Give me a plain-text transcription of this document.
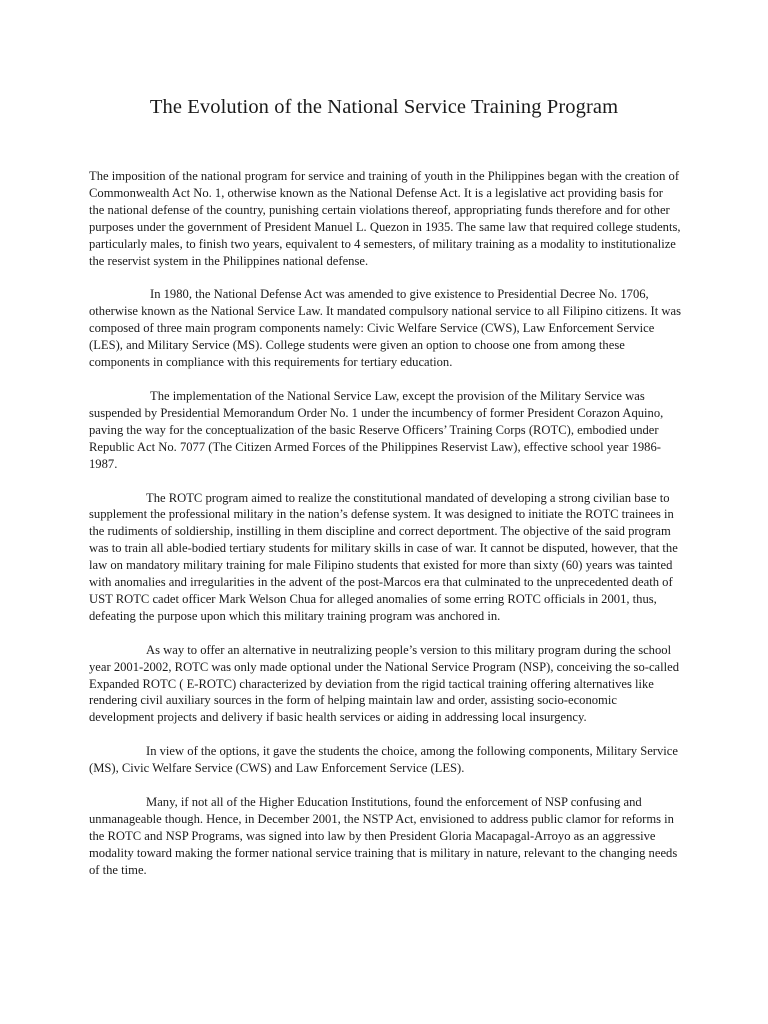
The Evolution of the National Service Training Program

The imposition of the national program for service and training of youth in the Philippines began with the creation of Commonwealth Act No. 1, otherwise known as the National Defense Act. It is a legislative act providing basis for the national defense of the country, punishing certain violations thereof, appropriating funds therefore and for other purposes under the government of President Manuel L. Quezon in 1935. The same law that required college students, particularly males, to finish two years, equivalent to 4 semesters, of military training as a modality to institutionalize the reservist system in the Philippines national defense.

In 1980, the National Defense Act was amended to give existence to Presidential Decree No. 1706, otherwise known as the National Service Law. It mandated compulsory national service to all Filipino citizens. It was composed of three main program components namely: Civic Welfare Service (CWS), Law Enforcement Service (LES), and Military Service (MS). College students were given an option to choose one from among these components in compliance with this requirements for tertiary education.

The implementation of the National Service Law, except the provision of the Military Service was suspended by Presidential Memorandum Order No. 1 under the incumbency of former President Corazon Aquino, paving the way for the conceptualization of the basic Reserve Officers’ Training Corps (ROTC), embodied under Republic Act No. 7077 (The Citizen Armed Forces of the Philippines Reservist Law), effective school year 1986-1987.

The ROTC program aimed to realize the constitutional mandated of developing a strong civilian base to supplement the professional military in the nation’s defense system. It was designed to initiate the ROTC trainees in the rudiments of soldiership, instilling in them discipline and correct deportment. The objective of the said program was to train all able-bodied tertiary students for military skills in case of war. It cannot be disputed, however, that the law on mandatory military training for male Filipino students that existed for more than sixty (60) years was tainted with anomalies and irregularities in the advent of the post-Marcos era that culminated to the unprecedented death of UST ROTC cadet officer Mark Welson Chua for alleged anomalies of some erring ROTC officials in 2001, thus, defeating the purpose upon which this military training program was anchored in.

As way to offer an alternative in neutralizing people’s version to this military program during the school year 2001-2002, ROTC was only made optional under the National Service Program (NSP), conceiving the so-called Expanded ROTC ( E-ROTC) characterized by deviation from the rigid tactical training offering alternatives like rendering civil auxiliary sources in the form of helping maintain law and order, assisting socio-economic development projects and delivery if basic health services or aiding in addressing local insurgency.

In view of the options, it gave the students the choice, among the following components, Military Service (MS), Civic Welfare Service (CWS) and Law Enforcement Service (LES).

Many, if not all of the Higher Education Institutions, found the enforcement of NSP confusing and unmanageable though. Hence, in December 2001, the NSTP Act, envisioned to address public clamor for reforms in the ROTC and NSP Programs, was signed into law by then President Gloria Macapagal-Arroyo as an aggressive modality toward making the former national service training that is military in nature, relevant to the changing needs of the time.
